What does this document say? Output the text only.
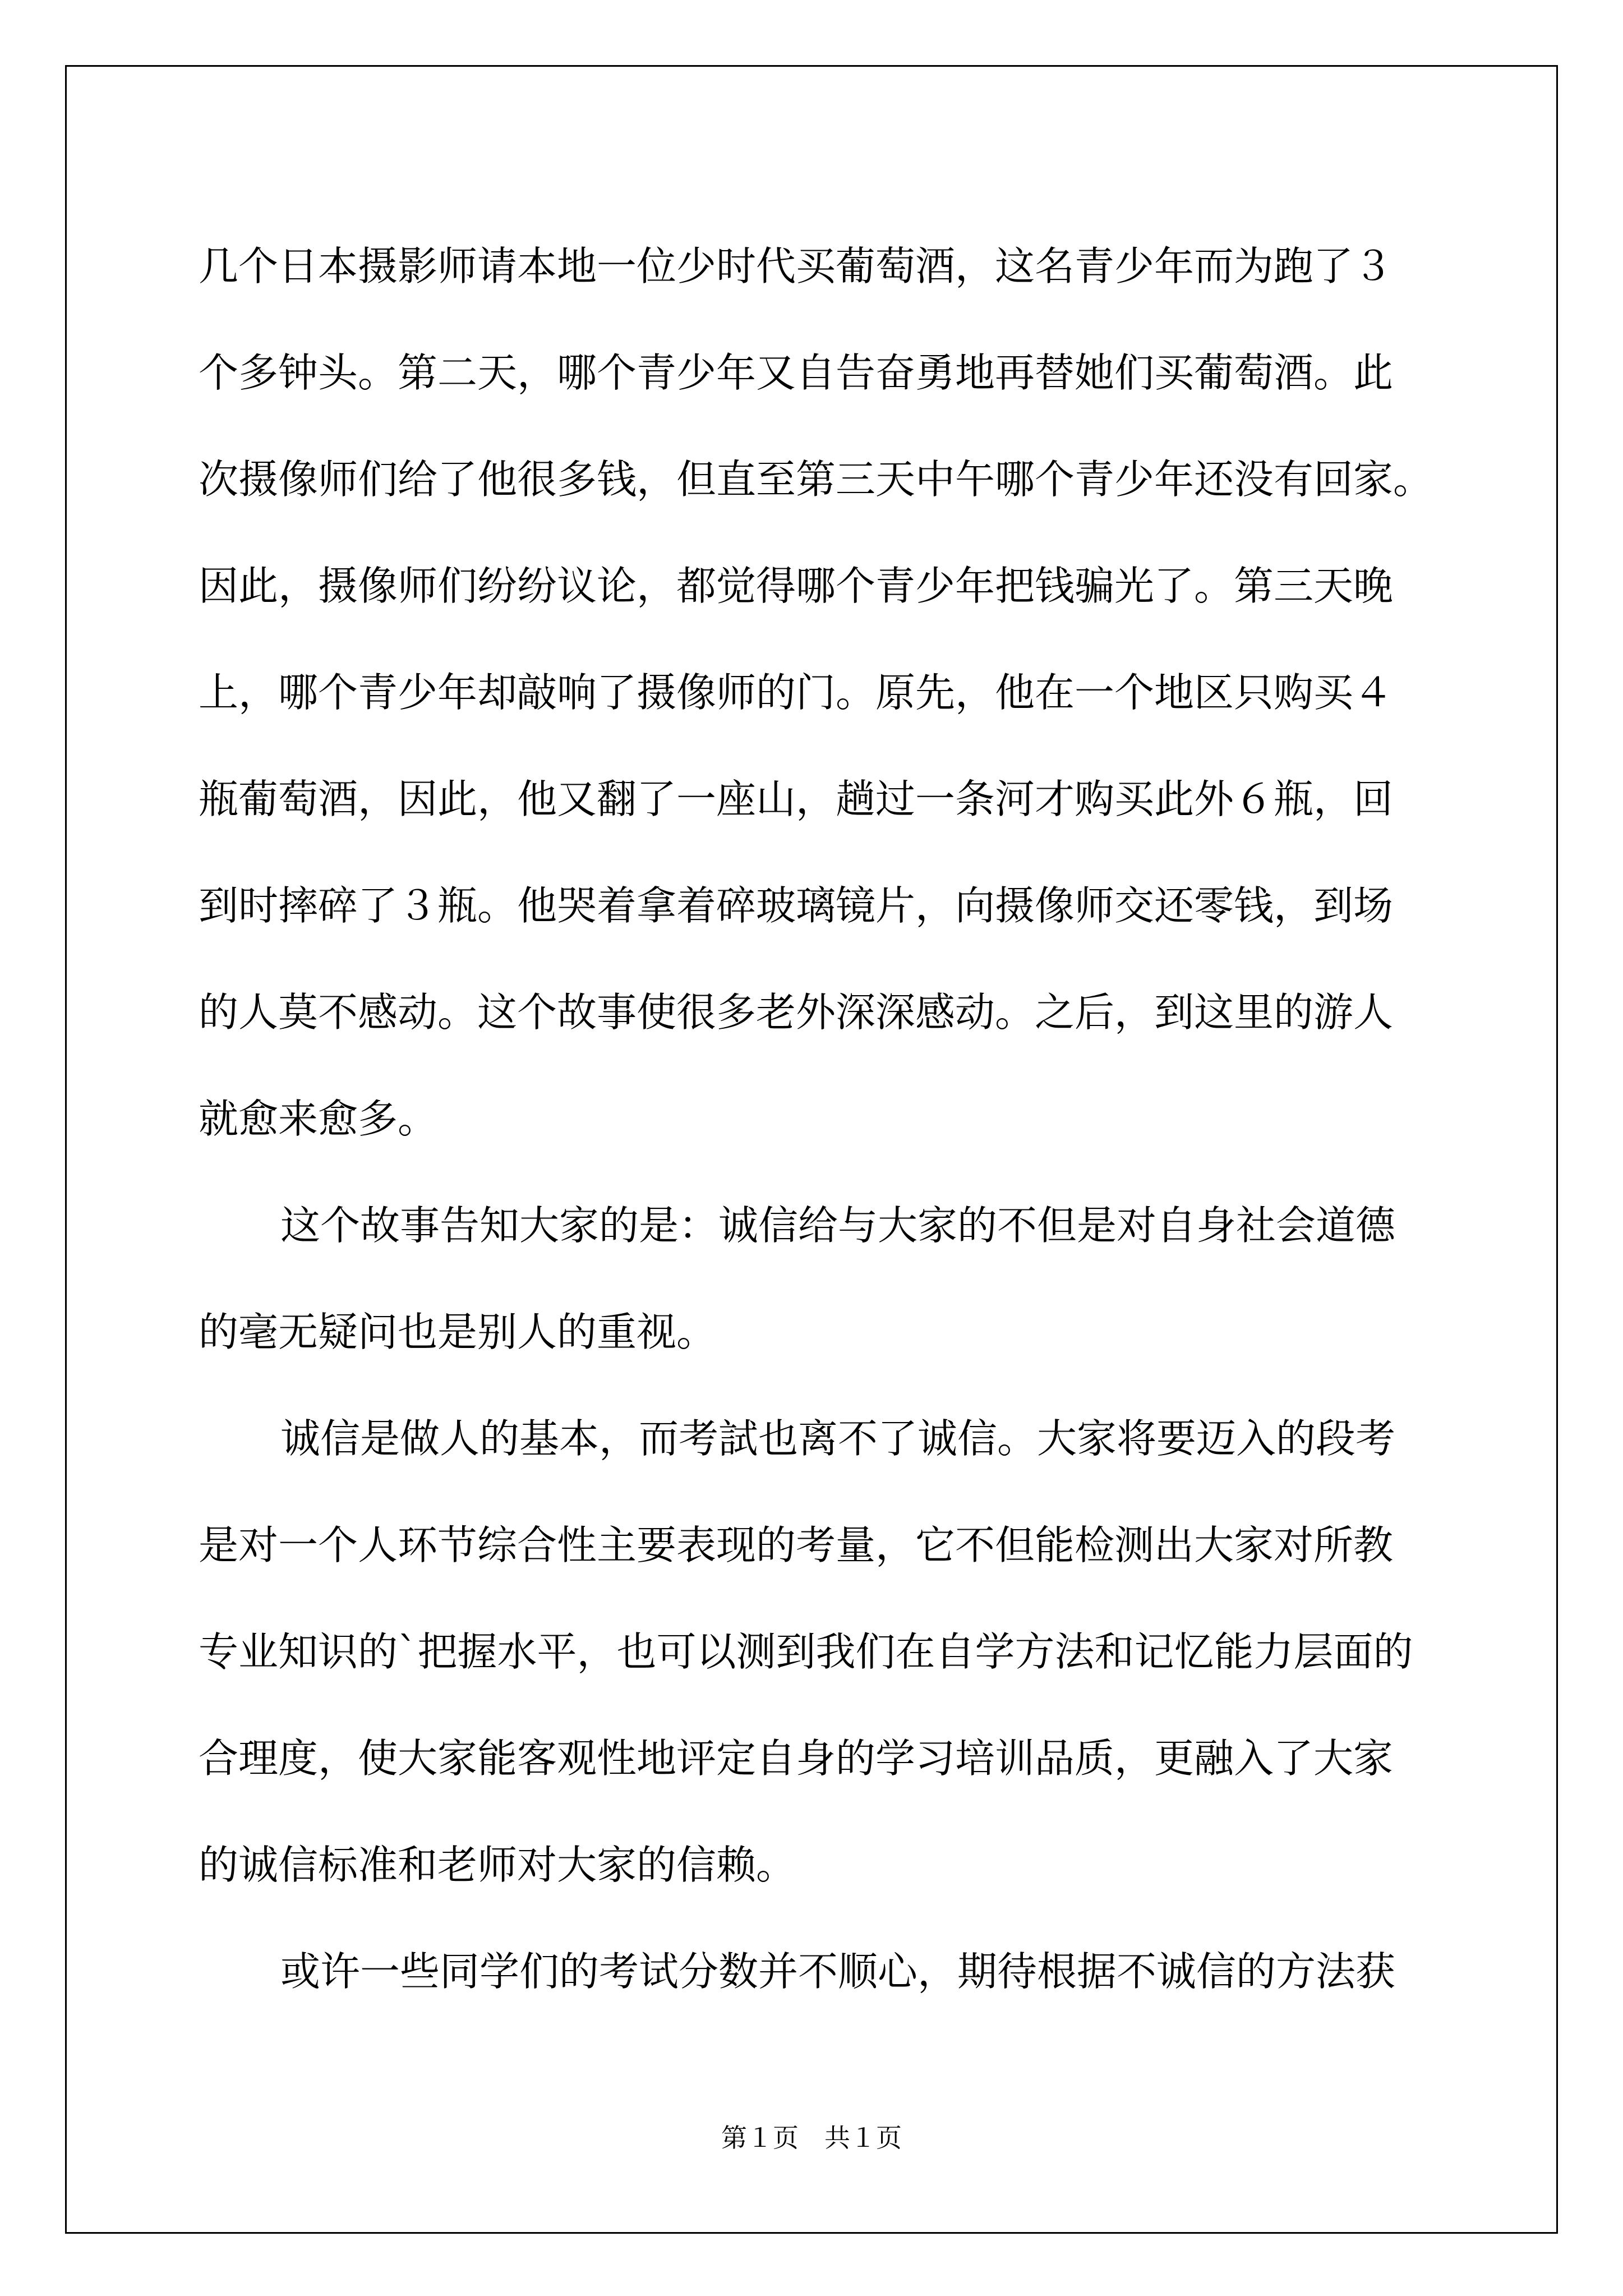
几个日本摄影师请本地一位少时代买葡萄酒，这名青少年而为跑了３
个多钟头。第二天，哪个青少年又自告奋勇地再替她们买葡萄酒。此
次摄像师们给了他很多钱，但直至第三天中午哪个青少年还没有回家。
因此，摄像师们纷纷议论，都觉得哪个青少年把钱骗光了。第三天晚
上，哪个青少年却敲响了摄像师的门。原先，他在一个地区只购买４
瓶葡萄酒，因此，他又翻了一座山，趟过一条河才购买此外６瓶，回
到时摔碎了３瓶。他哭着拿着碎玻璃镜片，向摄像师交还零钱，到场
的人莫不感动。这个故事使很多老外深深感动。之后，到这里的游人
就愈来愈多。
这个故事告知大家的是：诚信给与大家的不但是对自身社会道德
的毫无疑问也是别人的重视。
诚信是做人的基本，而考試也离不了诚信。大家将要迈入的段考
是对一个人环节综合性主要表现的考量，它不但能检测出大家对所教
专业知识的`把握水平，也可以测到我们在自学方法和记忆能力层面的
合理度，使大家能客观性地评定自身的学习培训品质，更融入了大家
的诚信标准和老师对大家的信赖。
或许一些同学们的考试分数并不顺心，期待根据不诚信的方法获
第１页　共１页
